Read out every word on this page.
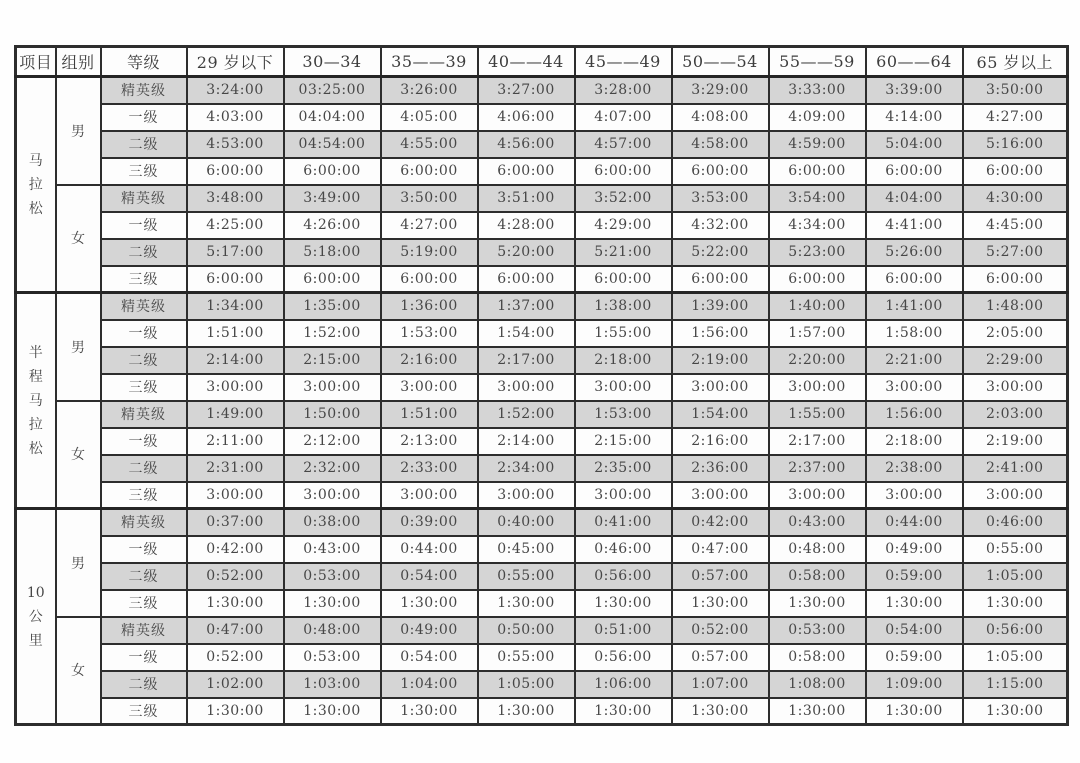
项目	组别	等级	29 岁以下	30—34	35——39	40——44	45——49	50——54	55——59	60——64	65 岁以上

马
拉
松	男	精英级	3:24:00	03:25:00	3:26:00	3:27:00	3:28:00	3:29:00	3:33:00	3:39:00	3:50:00
		一级	4:03:00	04:04:00	4:05:00	4:06:00	4:07:00	4:08:00	4:09:00	4:14:00	4:27:00
		二级	4:53:00	04:54:00	4:55:00	4:56:00	4:57:00	4:58:00	4:59:00	5:04:00	5:16:00
		三级	6:00:00	6:00:00	6:00:00	6:00:00	6:00:00	6:00:00	6:00:00	6:00:00	6:00:00
	女	精英级	3:48:00	3:49:00	3:50:00	3:51:00	3:52:00	3:53:00	3:54:00	4:04:00	4:30:00
		一级	4:25:00	4:26:00	4:27:00	4:28:00	4:29:00	4:32:00	4:34:00	4:41:00	4:45:00
		二级	5:17:00	5:18:00	5:19:00	5:20:00	5:21:00	5:22:00	5:23:00	5:26:00	5:27:00
		三级	6:00:00	6:00:00	6:00:00	6:00:00	6:00:00	6:00:00	6:00:00	6:00:00	6:00:00

半
程
马
拉
松	男	精英级	1:34:00	1:35:00	1:36:00	1:37:00	1:38:00	1:39:00	1:40:00	1:41:00	1:48:00
		一级	1:51:00	1:52:00	1:53:00	1:54:00	1:55:00	1:56:00	1:57:00	1:58:00	2:05:00
		二级	2:14:00	2:15:00	2:16:00	2:17:00	2:18:00	2:19:00	2:20:00	2:21:00	2:29:00
		三级	3:00:00	3:00:00	3:00:00	3:00:00	3:00:00	3:00:00	3:00:00	3:00:00	3:00:00
	女	精英级	1:49:00	1:50:00	1:51:00	1:52:00	1:53:00	1:54:00	1:55:00	1:56:00	2:03:00
		一级	2:11:00	2:12:00	2:13:00	2:14:00	2:15:00	2:16:00	2:17:00	2:18:00	2:19:00
		二级	2:31:00	2:32:00	2:33:00	2:34:00	2:35:00	2:36:00	2:37:00	2:38:00	2:41:00
		三级	3:00:00	3:00:00	3:00:00	3:00:00	3:00:00	3:00:00	3:00:00	3:00:00	3:00:00

10
公
里	男	精英级	0:37:00	0:38:00	0:39:00	0:40:00	0:41:00	0:42:00	0:43:00	0:44:00	0:46:00
		一级	0:42:00	0:43:00	0:44:00	0:45:00	0:46:00	0:47:00	0:48:00	0:49:00	0:55:00
		二级	0:52:00	0:53:00	0:54:00	0:55:00	0:56:00	0:57:00	0:58:00	0:59:00	1:05:00
		三级	1:30:00	1:30:00	1:30:00	1:30:00	1:30:00	1:30:00	1:30:00	1:30:00	1:30:00
	女	精英级	0:47:00	0:48:00	0:49:00	0:50:00	0:51:00	0:52:00	0:53:00	0:54:00	0:56:00
		一级	0:52:00	0:53:00	0:54:00	0:55:00	0:56:00	0:57:00	0:58:00	0:59:00	1:05:00
		二级	1:02:00	1:03:00	1:04:00	1:05:00	1:06:00	1:07:00	1:08:00	1:09:00	1:15:00
		三级	1:30:00	1:30:00	1:30:00	1:30:00	1:30:00	1:30:00	1:30:00	1:30:00	1:30:00
